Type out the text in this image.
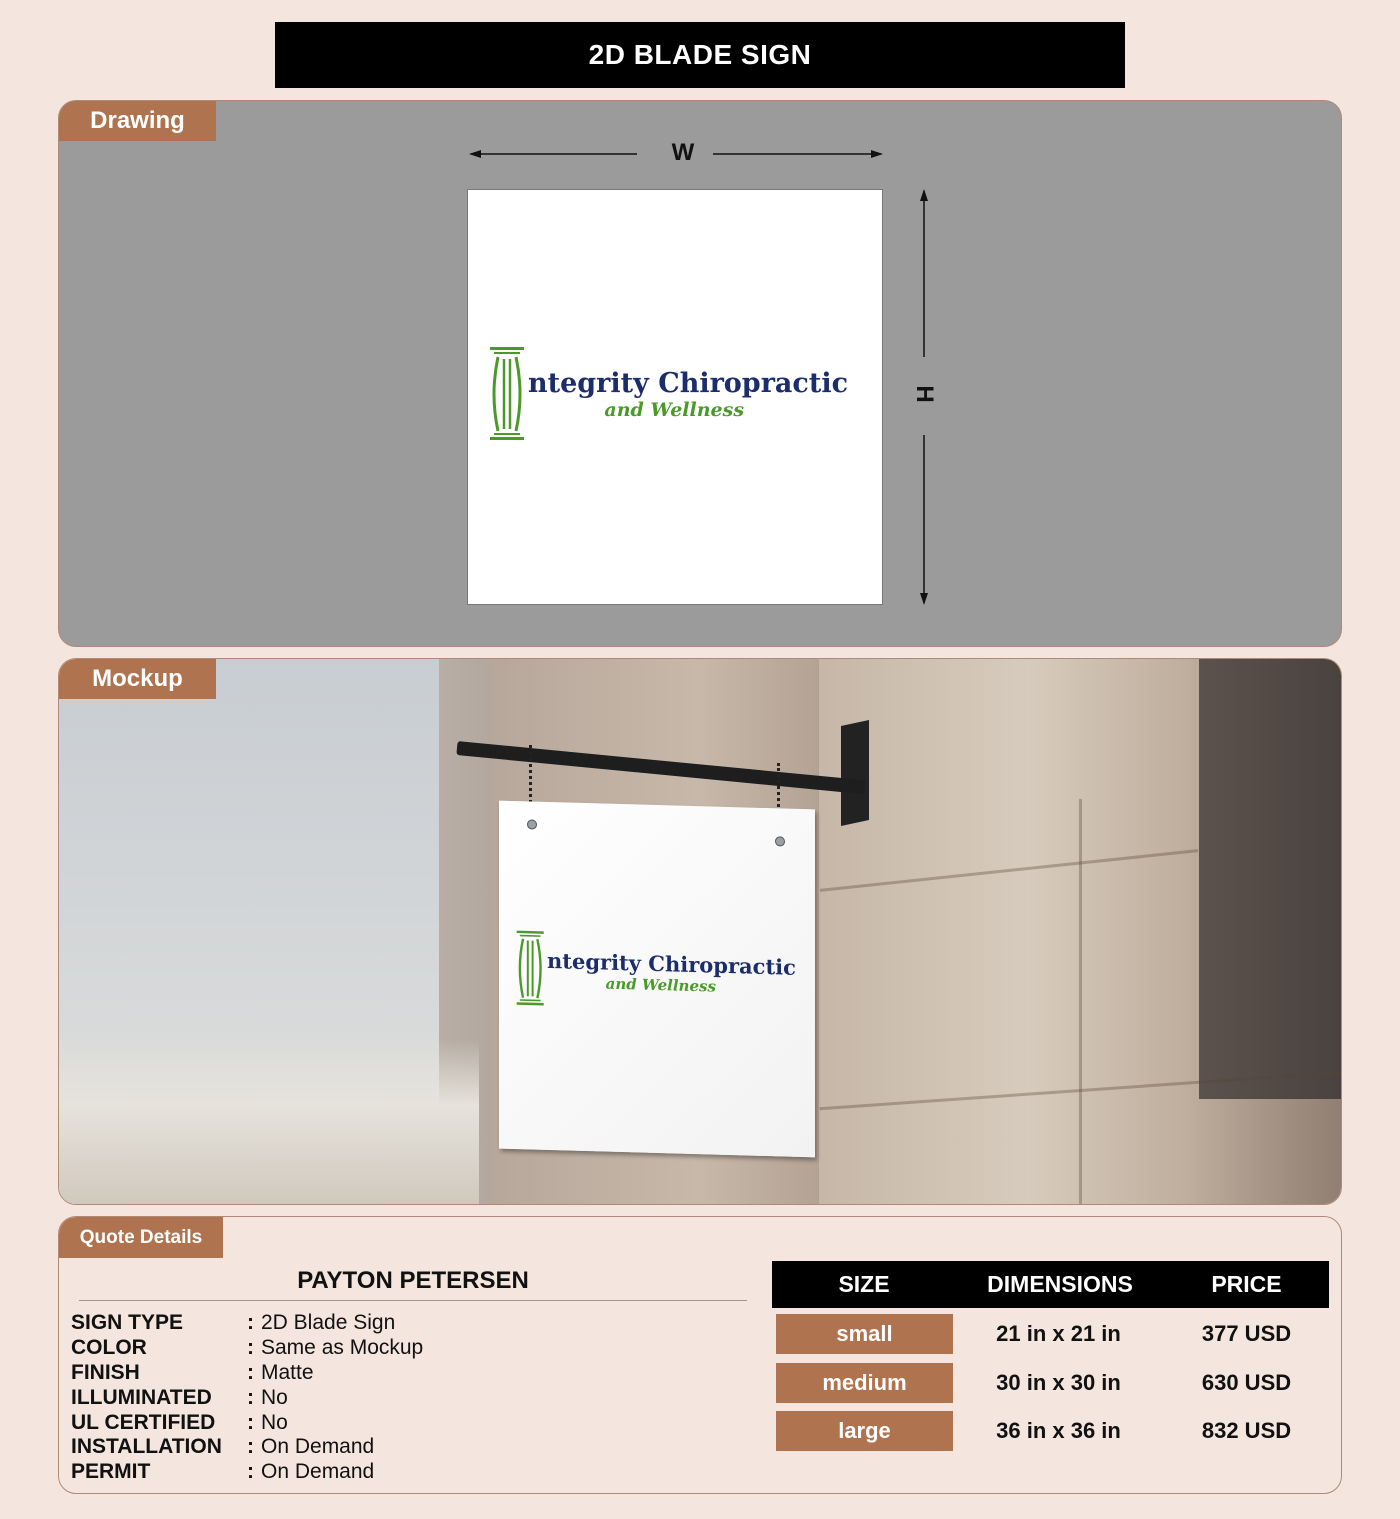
2D BLADE SIGN
Drawing
W
H
ntegrity Chiropractic
and Wellness
ntegrity Chiropractic
and Wellness
Mockup
Quote Details
PAYTON PETERSEN
SIGN TYPE	: 2D Blade Sign
COLOR	: Same as Mockup
FINISH	: Matte
ILLUMINATED	: No
UL CERTIFIED	: No
INSTALLATION	: On Demand
PERMIT	: On Demand
SIZE	DIMENSIONS	PRICE
small	21 in x 21 in	377 USD
medium	30 in x 30 in	630 USD
large	36 in x 36 in	832 USD
